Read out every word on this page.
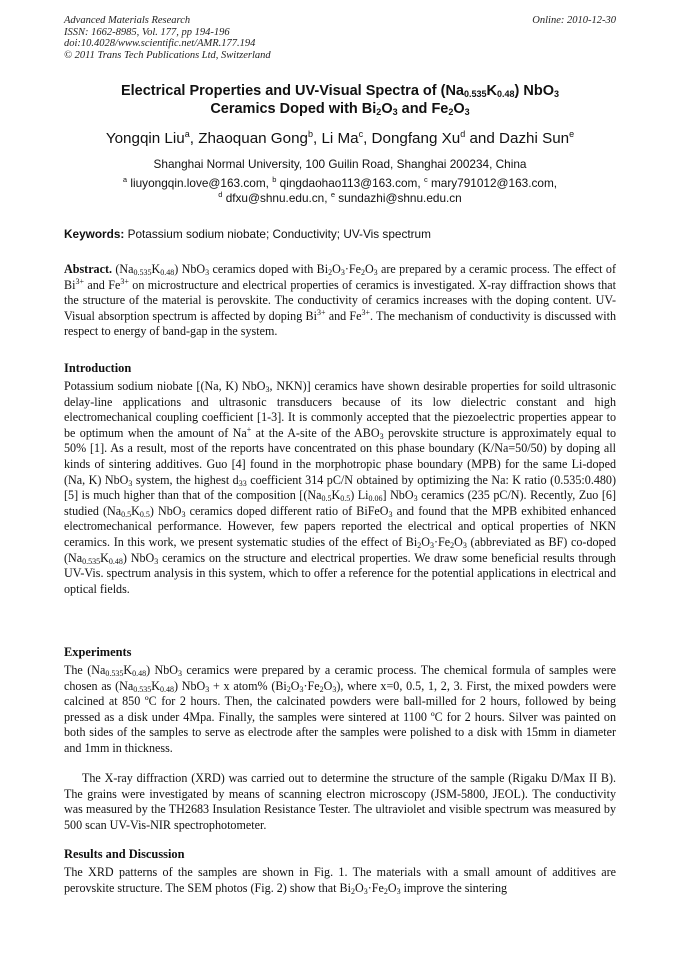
Advanced Materials Research
ISSN: 1662-8985, Vol. 177, pp 194-196
doi:10.4028/www.scientific.net/AMR.177.194
© 2011 Trans Tech Publications Ltd, Switzerland
Online: 2010-12-30
Electrical Properties and UV-Visual Spectra of $(Na_{0.535}K_{0.48})$ NbO$_3$
Ceramics Doped with $Bi_2O_3$ and $Fe_2O_3$
Yongqin Liu$^a$, Zhaoquan Gong$^b$, Li Ma$^c$, Dongfang Xu$^d$ and Dazhi Sun$^e$
Shanghai Normal University, 100 Guilin Road, Shanghai 200234, China
$^a$ liuyongqin.love@163.com, $^b$ qingdaohao113@163.com, $^c$ mary791012@163.com,
$^d$ dfxu@shnu.edu.cn, $^e$ sundazhi@shnu.edu.cn
Keywords: Potassium sodium niobate; Conductivity; UV-Vis spectrum
Abstract. $(Na_{0.535}K_{0.48})$ NbO$_3$ ceramics doped with $Bi_2O_3\cdot Fe_2O_3$ are prepared by a ceramic process. The effect of $Bi^{3+}$ and $Fe^{3+}$ on microstructure and electrical properties of ceramics is investigated. X-ray diffraction shows that the structure of the material is perovskite. The conductivity of ceramics increases with the doping content. UV-Visual absorption spectrum is affected by doping $Bi^{3+}$ and $Fe^{3+}$. The mechanism of conductivity is discussed with respect to energy of band-gap in the system.
Introduction
Potassium sodium niobate [(Na, K) NbO$_3$, NKN)] ceramics have shown desirable properties for soild ultrasonic delay-line applications and ultrasonic transducers because of its low dielectric constant and high electromechanical coupling coefficient [1-3]. It is commonly accepted that the piezoelectric properties appear to be optimum when the amount of Na+ at the A-site of the $ABO_3$ perovskite structure is approximately equal to 50% [1]. As a result, most of the reports have concentrated on this phase boundary (K/Na=50/50) by doping all kinds of sintering additives. Guo [4] found in the morphotropic phase boundary (MPB) for the same Li-doped (Na, K) NbO$_3$ system, the highest $d_{33}$ coefficient 314 pC/N obtained by optimizing the Na: K ratio (0.535:0.480) [5] is much higher than that of the composition [$(Na_{0.5}K_{0.5})$ $Li_{0.06}$] NbO$_3$ ceramics (235 pC/N). Recently, Zuo [6] studied $(Na_{0.5}K_{0.5})$ NbO$_3$ ceramics doped different ratio of BiFeO$_3$ and found that the MPB exhibited enhanced electromechanical performance. However, few papers reported the electrical and optical properties of NKN ceramics. In this work, we present systematic studies of the effect of $Bi_2O_3\cdot Fe_2O_3$ (abbreviated as BF) co-doped $(Na_{0.535}K_{0.48})$ NbO$_3$ ceramics on the structure and electrical properties. We draw some beneficial results through UV-Vis. spectrum analysis in this system, which to offer a reference for the potential applications in electrical and optical fields.
Experiments
The $(Na_{0.535}K_{0.48})$ NbO$_3$ ceramics were prepared by a ceramic process. The chemical formula of samples were chosen as $(Na_{0.535}K_{0.48}) NbO_3 + x$ atom% $(Bi_2O_3\cdot Fe_2O_3)$, where x=0, 0.5, 1, 2, 3. First, the mixed powders were calcined at 850 ºC for 2 hours. Then, the calcinated powders were ball-milled for 2 hours, followed by being pressed as a disk under 4Mpa. Finally, the samples were sintered at 1100 ºC for 2 hours. Silver was painted on both sides of the samples to serve as electrode after the samples were polished to a disk with 15mm in diameter and 1mm in thickness.
The X-ray diffraction (XRD) was carried out to determine the structure of the sample (Rigaku D/Max II B). The grains were investigated by means of scanning electron microscopy (JSM-5800, JEOL). The conductivity was measured by the TH2683 Insulation Resistance Tester. The ultraviolet and visible spectrum was measured by 500 scan UV-Vis-NIR spectrophotometer.
Results and Discussion
The XRD patterns of the samples are shown in Fig. 1. The materials with a small amount of additives are perovskite structure. The SEM photos (Fig. 2) show that $Bi_2O_3\cdot Fe_2O_3$ improve the sintering
